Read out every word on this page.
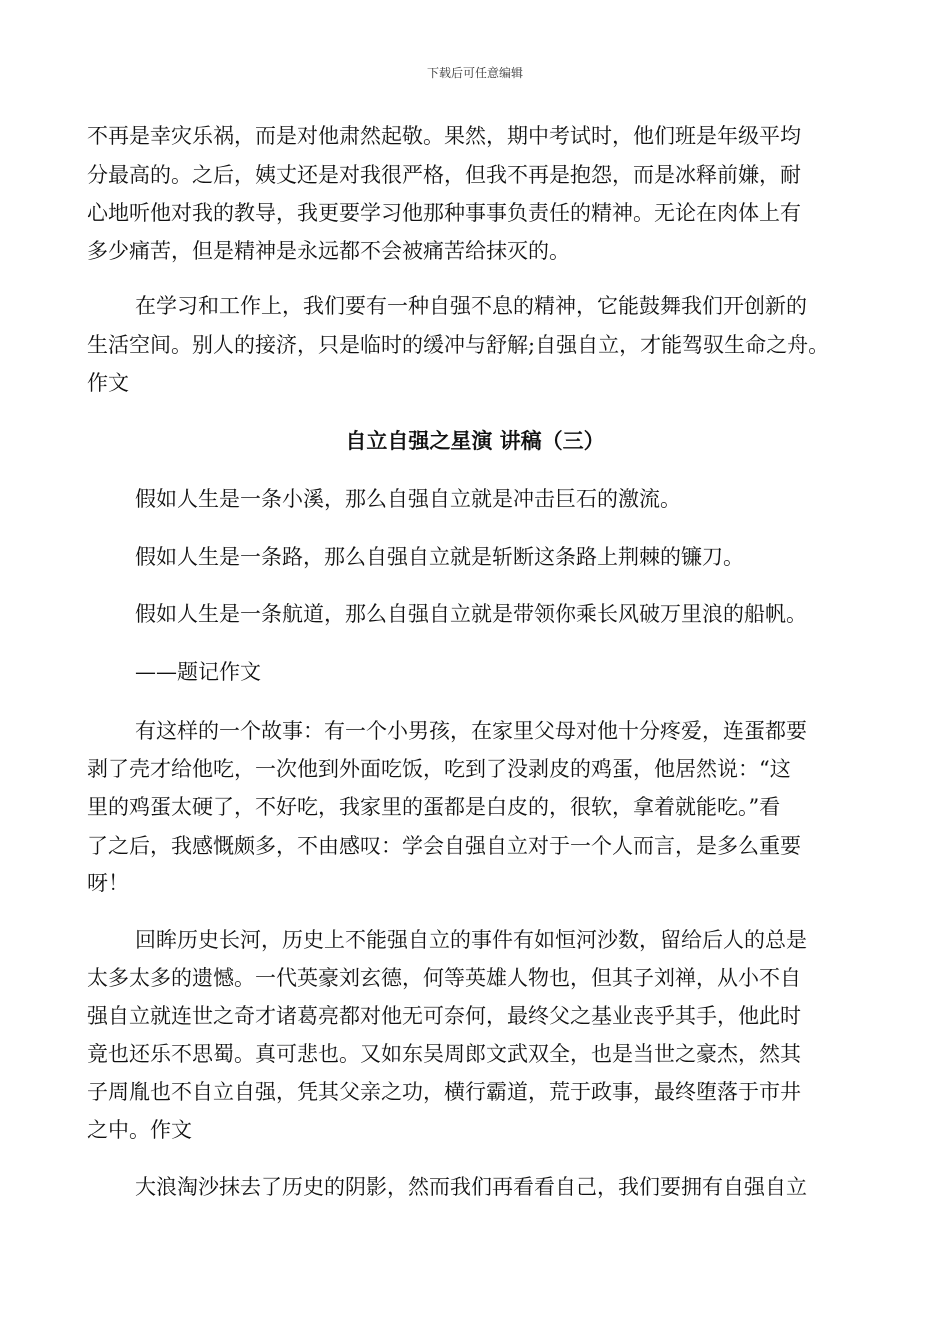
下载后可任意编辑
不再是幸灾乐祸，而是对他肃然起敬。果然，期中考试时，他们班是年级平均
分最高的。之后，姨丈还是对我很严格，但我不再是抱怨，而是冰释前嫌，耐
心地听他对我的教导，我更要学习他那种事事负责任的精神。无论在肉体上有
多少痛苦，但是精神是永远都不会被痛苦给抹灭的。
在学习和工作上，我们要有一种自强不息的精神，它能鼓舞我们开创新的
生活空间。别人的接济，只是临时的缓冲与舒解;自强自立，才能驾驭生命之舟。
作文
自立自强之星演 讲稿（三）
假如人生是一条小溪，那么自强自立就是冲击巨石的激流。
假如人生是一条路，那么自强自立就是斩断这条路上荆棘的镰刀。
假如人生是一条航道，那么自强自立就是带领你乘长风破万里浪的船帆。
——题记作文
有这样的一个故事：有一个小男孩，在家里父母对他十分疼爱，连蛋都要
剥了壳才给他吃，一次他到外面吃饭，吃到了没剥皮的鸡蛋，他居然说：“这
里的鸡蛋太硬了，不好吃，我家里的蛋都是白皮的，很软，拿着就能吃。”看
了之后，我感慨颇多，不由感叹：学会自强自立对于一个人而言，是多么重要
呀！
回眸历史长河，历史上不能强自立的事件有如恒河沙数，留给后人的总是
太多太多的遗憾。一代英豪刘玄德，何等英雄人物也，但其子刘禅，从小不自
强自立就连世之奇才诸葛亮都对他无可奈何，最终父之基业丧乎其手，他此时
竟也还乐不思蜀。真可悲也。又如东吴周郎文武双全，也是当世之豪杰，然其
子周胤也不自立自强，凭其父亲之功，横行霸道，荒于政事，最终堕落于市井
之中。作文
大浪淘沙抹去了历史的阴影，然而我们再看看自己，我们要拥有自强自立
